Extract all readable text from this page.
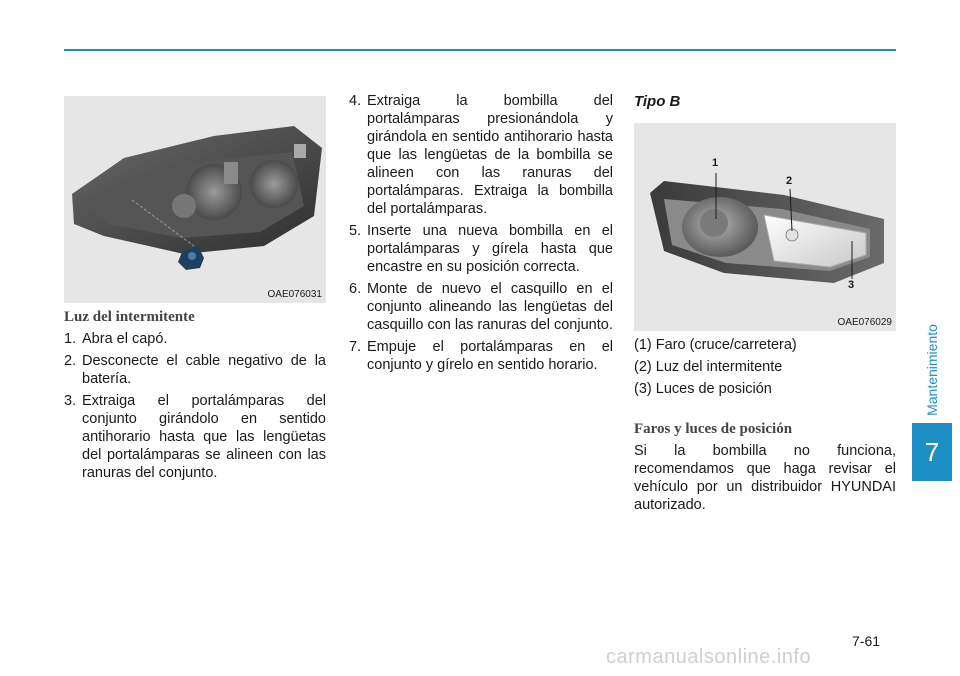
Mantenimiento
7
OAE076031
Luz del intermitente
1. Abra el capó.
2. Desconecte el cable negativo de la batería.
3. Extraiga el portalámparas del conjunto girándolo en sentido antihorario hasta que las lengüetas del portalámparas se alineen con las ranuras del conjunto.
4. Extraiga la bombilla del portalámparas presionándola y girándola en sentido antihorario hasta que las lengüetas de la bombilla se alineen con las ranuras del portalámparas. Extraiga la bombilla del portalámparas.
5. Inserte una nueva bombilla en el portalámparas y gírela hasta que encastre en su posición correcta.
6. Monte de nuevo el casquillo en el conjunto alineando las lengüetas del casquillo con las ranuras del conjunto.
7. Empuje el portalámparas en el conjunto y gírelo en sentido horario.
Tipo B
1
2
3
OAE076029

(1) Faro (cruce/carretera)

(2) Luz del intermitente

(3) Luces de posición

Faros y luces de posición

Si la bombilla no funciona, recomendamos que haga revisar el vehículo por un distribuidor HYUNDAI autorizado.

7-61
carmanualsonline.info
